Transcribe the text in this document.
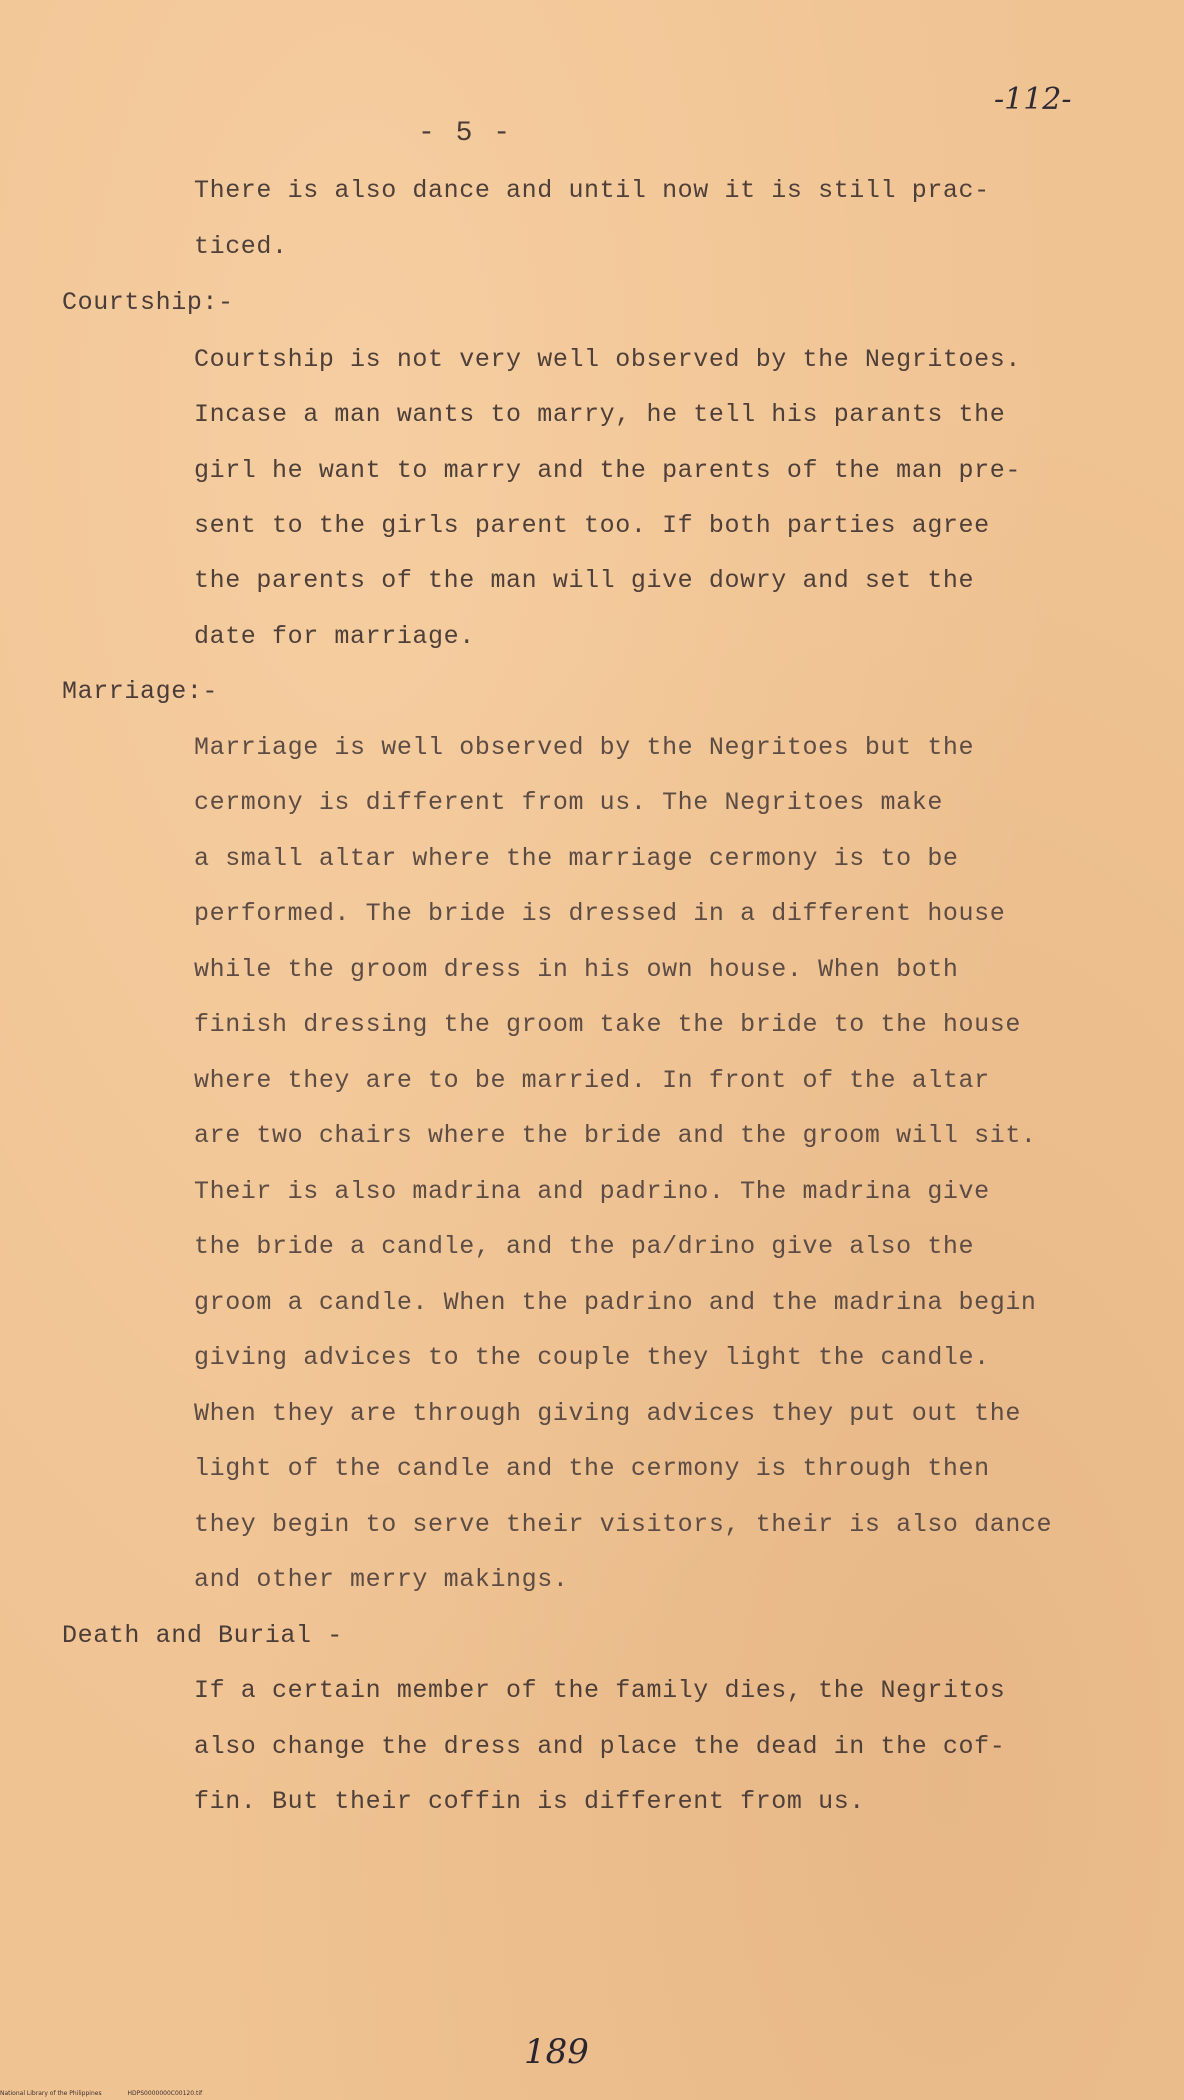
-112-
- 5 -
There is also dance and until now it is still prac-
ticed.
Courtship:-
Courtship is not very well observed by the Negritoes.
Incase a man wants to marry, he tell his parants the
girl he want to marry and the parents of the man pre-
sent to the girls parent too. If both parties agree
the parents of the man will give dowry and set the
date for marriage.
Marriage:-
Marriage is well observed by the Negritoes but the
cermony is different from us. The Negritoes make
a small altar where the marriage cermony is to be
performed. The bride is dressed in a different house
while the groom dress in his own house. When both
finish dressing the groom take the bride to the house
where they are to be married. In front of the altar
are two chairs where the bride and the groom will sit.
Their is also madrina and padrino. The madrina give
the bride a candle, and the pa/drino give also the
groom a candle. When the padrino and the madrina begin
giving advices to the couple they light the candle.
When they are through giving advices they put out the
light of the candle and the cermony is through then
they begin to serve their visitors, their is also dance
and other merry makings.
Death and Burial -
If a certain member of the family dies, the Negritos
also change the dress and place the dead in the cof-
fin. But their coffin is different from us.
189
National Library of the Philippines	HDPS0000000C00120.tif
